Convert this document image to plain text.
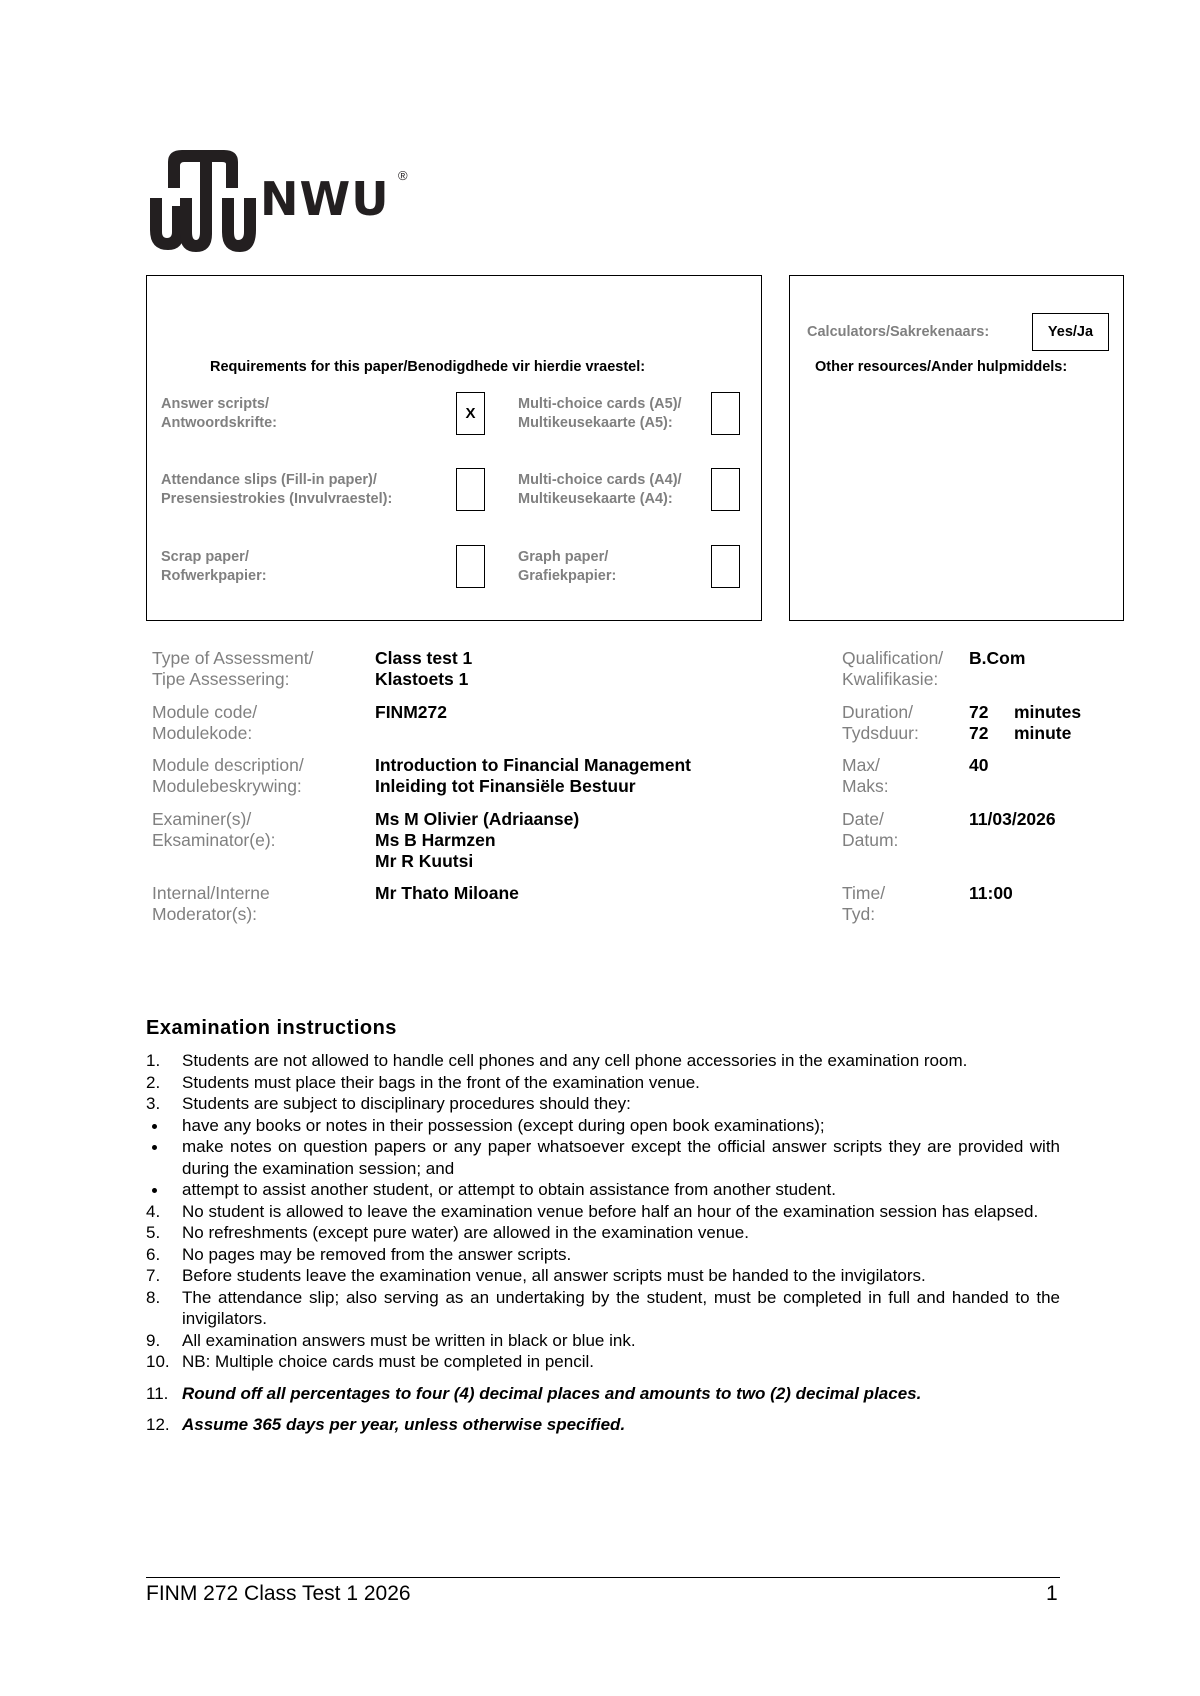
NWU ®
Requirements for this paper/Benodigdhede vir hierdie vraestel:
Answer scripts/
Antwoordskrifte:
X
Multi-choice cards (A5)/
Multikeusekaarte (A5):
Attendance slips (Fill-in paper)/
Presensiestrokies (Invulvraestel):
Multi-choice cards (A4)/
Multikeusekaarte (A4):
Scrap paper/
Rofwerkpapier:
Graph paper/
Grafiekpapier:
Calculators/Sakrekenaars:	Yes/Ja
Other resources/Ander hulpmiddels:
Type of Assessment/
Tipe Assessering:
Class test 1
Klastoets 1
Module code/
Modulekode:
FINM272
Module description/
Modulebeskrywing:
Introduction to Financial Management
Inleiding tot Finansiële Bestuur
Examiner(s)/
Eksaminator(e):
Ms M Olivier (Adriaanse)
Ms B Harmzen
Mr R Kuutsi
Internal/Interne
Moderator(s):
Mr Thato Miloane
Qualification/
Kwalifikasie:
B.Com
Duration/
Tydsduur:
72
72
minutes
minute
Max/
Maks:
40
Date/
Datum:
11/03/2026
Time/
Tyd:
11:00
Examination instructions
1. Students are not allowed to handle cell phones and any cell phone accessories in the examination room.
2. Students must place their bags in the front of the examination venue.
3. Students are subject to disciplinary procedures should they:
have any books or notes in their possession (except during open book examinations);
make notes on question papers or any paper whatsoever except the official answer scripts they are provided with during the examination session; and
attempt to assist another student, or attempt to obtain assistance from another student.
4. No student is allowed to leave the examination venue before half an hour of the examination session has elapsed.
5. No refreshments (except pure water) are allowed in the examination venue.
6. No pages may be removed from the answer scripts.
7. Before students leave the examination venue, all answer scripts must be handed to the invigilators.
8. The attendance slip; also serving as an undertaking by the student, must be completed in full and handed to the invigilators.
9. All examination answers must be written in black or blue ink.
10. NB: Multiple choice cards must be completed in pencil.
11. Round off all percentages to four (4) decimal places and amounts to two (2) decimal places.
12. Assume 365 days per year, unless otherwise specified.
FINM 272 Class Test 1 2026	1
